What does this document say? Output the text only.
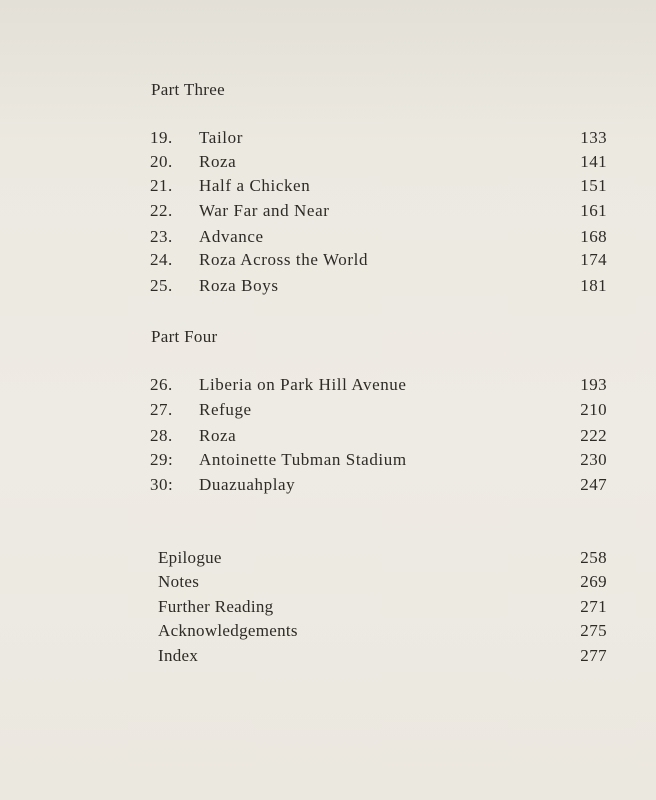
Part Three
19. Tailor	133
20. Roza	141
21. Half a Chicken	151
22. War Far and Near	161
23. Advance	168
24. Roza Across the World	174
25. Roza Boys	181
Part Four
26. Liberia on Park Hill Avenue	193
27. Refuge	210
28. Roza	222
29: Antoinette Tubman Stadium	230
30: Duazuahplay	247
Epilogue	258
Notes	269
Further Reading	271
Acknowledgements	275
Index	277
